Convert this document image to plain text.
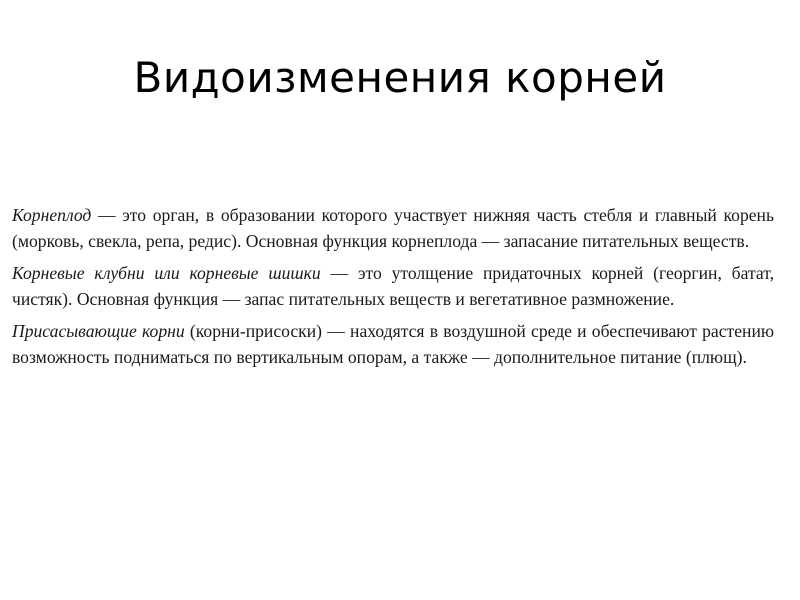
Видоизменения корней

Корнеплод — это орган, в образовании которого участвует нижняя часть стебля и главный корень (морковь, свекла, репа, редис). Основная функция корнеплода — запасание питательных веществ.

Корневые клубни или корневые шишки — это утолщение придаточных корней (георгин, батат, чистяк). Основная функция — запас питательных веществ и вегетативное размножение.

Присасывающие корни (корни-присоски) — находятся в воздушной среде и обеспечивают растению возможность подниматься по вертикальным опорам, а также — дополнительное питание (плющ).
